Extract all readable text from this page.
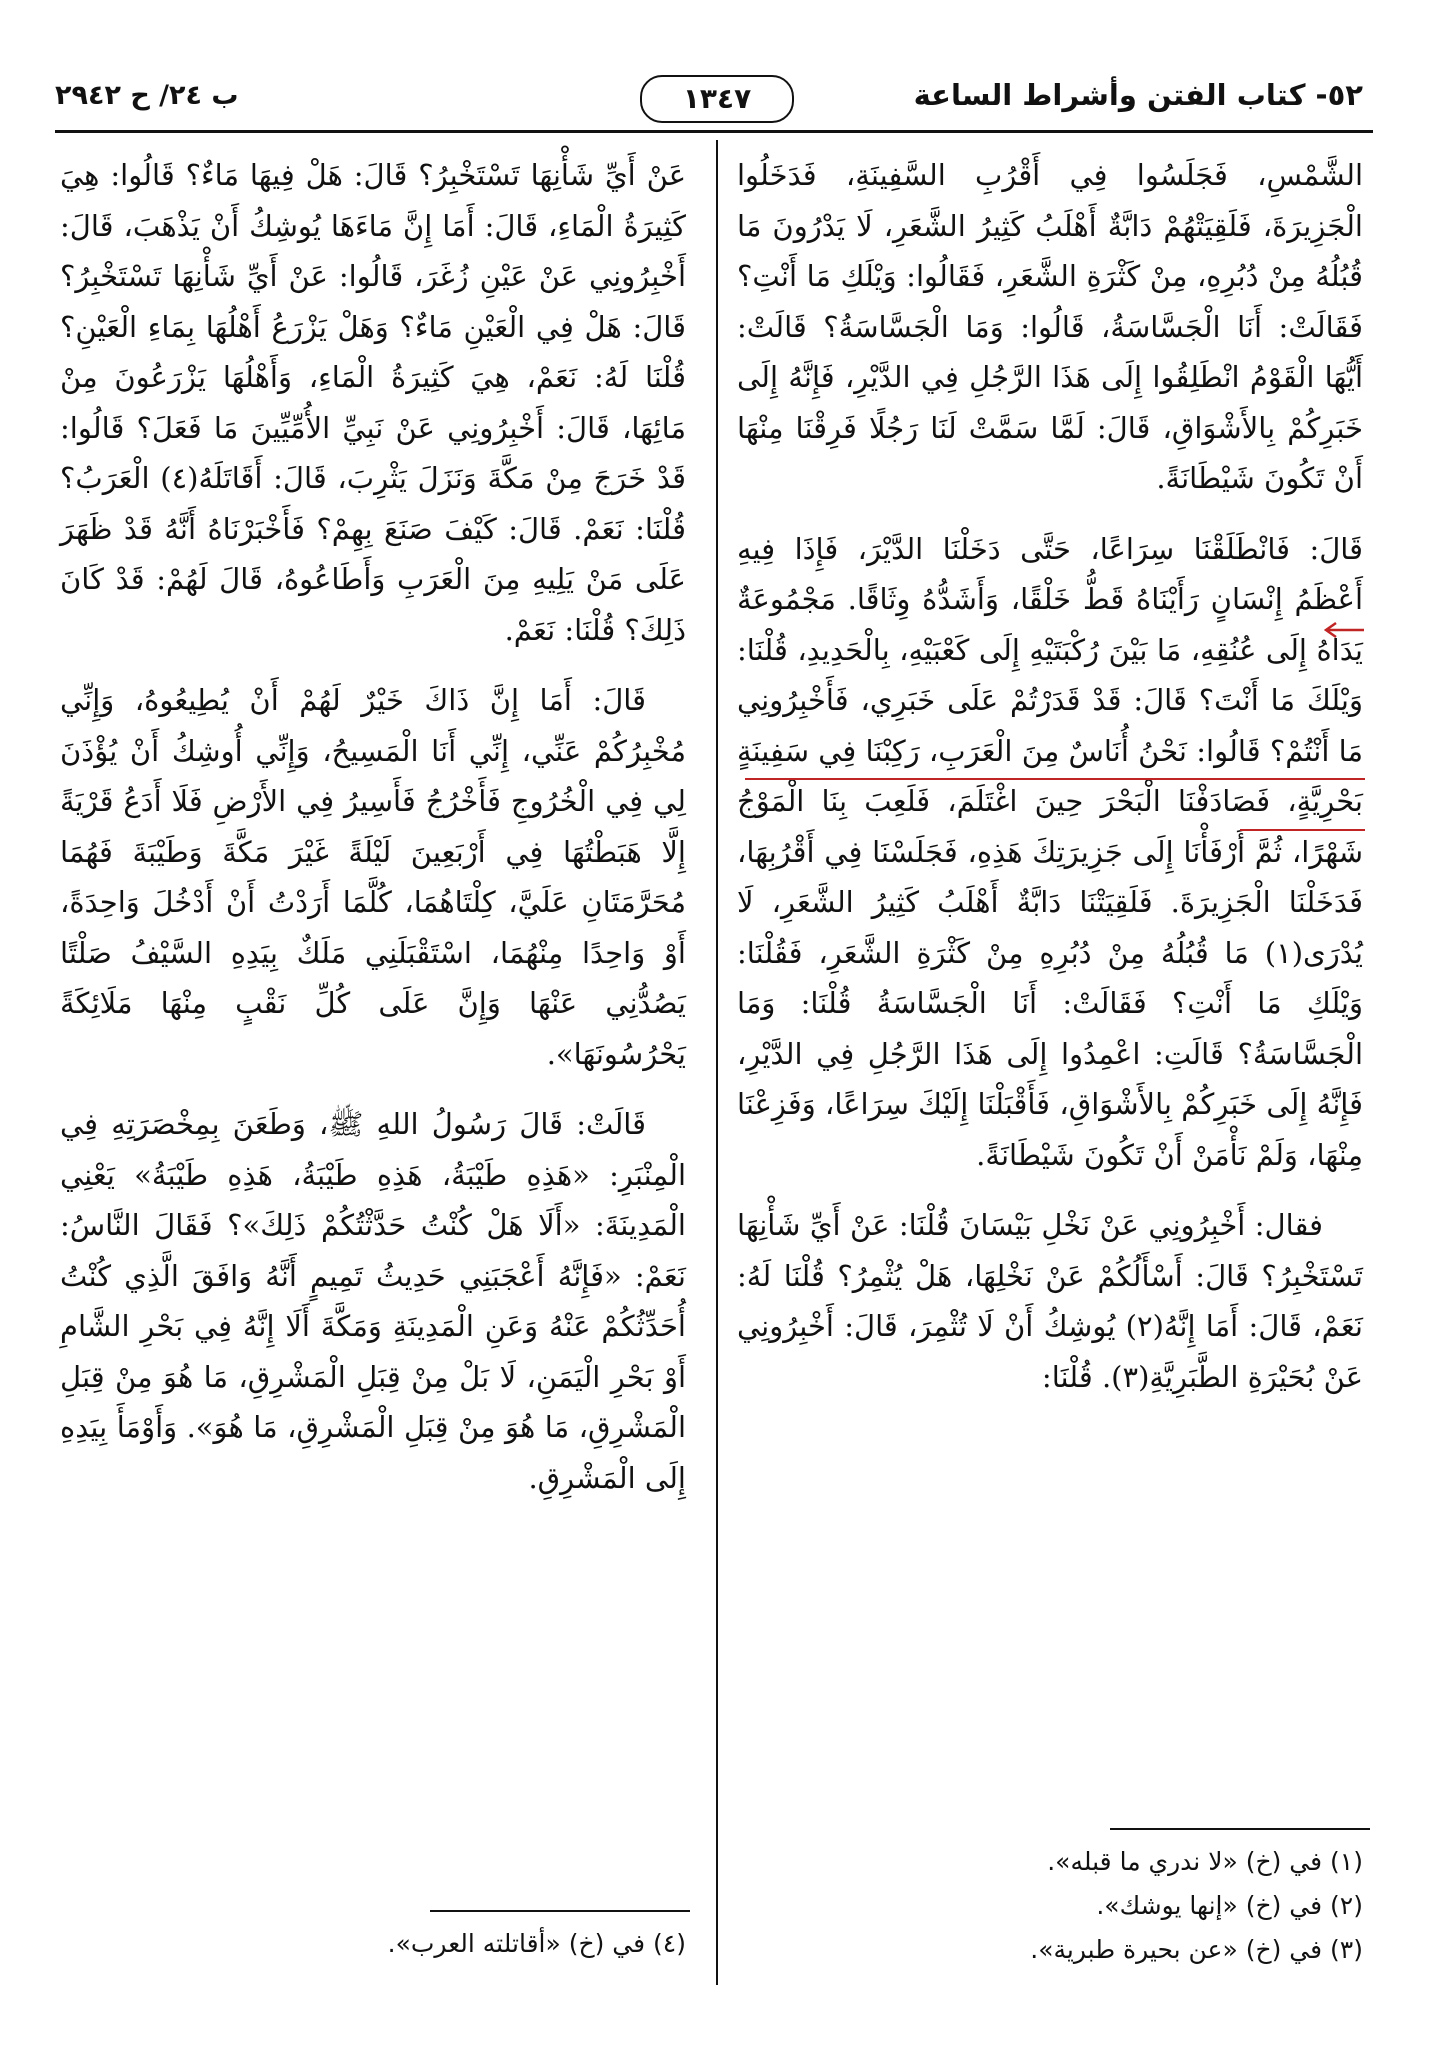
٥٢- كتاب الفتن وأشراط الساعة
١٣٤٧
ب ٢٤/ ح ٢٩٤٢

الشَّمْسِ، فَجَلَسُوا فِي أَقْرُبِ السَّفِينَةِ، فَدَخَلُوا الْجَزِيرَةَ، فَلَقِيَتْهُمْ دَابَّةٌ أَهْلَبُ كَثِيرُ الشَّعَرِ، لَا يَدْرُونَ مَا قُبُلُهُ مِنْ دُبُرِهِ، مِنْ كَثْرَةِ الشَّعَرِ، فَقَالُوا: وَيْلَكِ مَا أَنْتِ؟ فَقَالَتْ: أَنَا الْجَسَّاسَةُ، قَالُوا: وَمَا الْجَسَّاسَةُ؟ قَالَتْ: أَيُّهَا الْقَوْمُ انْطَلِقُوا إِلَى هَذَا الرَّجُلِ فِي الدَّيْرِ، فَإِنَّهُ إِلَى خَبَرِكُمْ بِالأَشْوَاقِ، قَالَ: لَمَّا سَمَّتْ لَنَا رَجُلًا فَرِقْنَا مِنْهَا أَنْ تَكُونَ شَيْطَانَةً.

قَالَ: فَانْطَلَقْنَا سِرَاعًا، حَتَّى دَخَلْنَا الدَّيْرَ، فَإِذَا فِيهِ أَعْظَمُ إِنْسَانٍ رَأَيْنَاهُ قَطُّ خَلْقًا، وَأَشَدُّهُ وِثَاقًا. مَجْمُوعَةٌ يَدَاهُ إِلَى عُنُقِهِ، مَا بَيْنَ رُكْبَتَيْهِ إِلَى كَعْبَيْهِ، بِالْحَدِيدِ، قُلْنَا: وَيْلَكَ مَا أَنْتَ؟ قَالَ: قَدْ قَدَرْتُمْ عَلَى خَبَرِي، فَأَخْبِرُونِي مَا أَنْتُمْ؟ قَالُوا: نَحْنُ أُنَاسٌ مِنَ الْعَرَبِ، رَكِبْنَا فِي سَفِينَةٍ بَحْرِيَّةٍ، فَصَادَفْنَا الْبَحْرَ حِينَ اغْتَلَمَ، فَلَعِبَ بِنَا الْمَوْجُ شَهْرًا، ثُمَّ أَرْفَأْنَا إِلَى جَزِيرَتِكَ هَذِهِ، فَجَلَسْنَا فِي أَقْرُبِهَا، فَدَخَلْنَا الْجَزِيرَةَ. فَلَقِيَتْنَا دَابَّةٌ أَهْلَبُ كَثِيرُ الشَّعَرِ، لَا يُدْرَى(١) مَا قُبُلُهُ مِنْ دُبُرِهِ مِنْ كَثْرَةِ الشَّعَرِ، فَقُلْنَا: وَيْلَكِ مَا أَنْتِ؟ فَقَالَتْ: أَنَا الْجَسَّاسَةُ قُلْنَا: وَمَا الْجَسَّاسَةُ؟ قَالَتِ: اعْمِدُوا إِلَى هَذَا الرَّجُلِ فِي الدَّيْرِ، فَإِنَّهُ إِلَى خَبَرِكُمْ بِالأَشْوَاقِ، فَأَقْبَلْنَا إِلَيْكَ سِرَاعًا، وَفَزِعْنَا مِنْهَا، وَلَمْ نَأْمَنْ أَنْ تَكُونَ شَيْطَانَةً.

فقال: أَخْبِرُونِي عَنْ نَخْلِ بَيْسَانَ قُلْنَا: عَنْ أَيِّ شَأْنِهَا تَسْتَخْبِرُ؟ قَالَ: أَسْأَلُكُمْ عَنْ نَخْلِهَا، هَلْ يُثْمِرُ؟ قُلْنَا لَهُ: نَعَمْ، قَالَ: أَمَا إِنَّهُ(٢) يُوشِكُ أَنْ لَا تُثْمِرَ، قَالَ: أَخْبِرُونِي عَنْ بُحَيْرَةِ الطَّبَرِيَّةِ(٣). قُلْنَا:

عَنْ أَيِّ شَأْنِهَا تَسْتَخْبِرُ؟ قَالَ: هَلْ فِيهَا مَاءٌ؟ قَالُوا: هِيَ كَثِيرَةُ الْمَاءِ، قَالَ: أَمَا إِنَّ مَاءَهَا يُوشِكُ أَنْ يَذْهَبَ، قَالَ: أَخْبِرُونِي عَنْ عَيْنِ زُغَرَ، قَالُوا: عَنْ أَيِّ شَأْنِهَا تَسْتَخْبِرُ؟ قَالَ: هَلْ فِي الْعَيْنِ مَاءٌ؟ وَهَلْ يَزْرَعُ أَهْلُهَا بِمَاءِ الْعَيْنِ؟ قُلْنَا لَهُ: نَعَمْ، هِيَ كَثِيرَةُ الْمَاءِ، وَأَهْلُهَا يَزْرَعُونَ مِنْ مَائِهَا، قَالَ: أَخْبِرُونِي عَنْ نَبِيِّ الأُمِّيِّينَ مَا فَعَلَ؟ قَالُوا: قَدْ خَرَجَ مِنْ مَكَّةَ وَنَزَلَ يَثْرِبَ، قَالَ: أَقَاتَلَهُ(٤) الْعَرَبُ؟ قُلْنَا: نَعَمْ. قَالَ: كَيْفَ صَنَعَ بِهِمْ؟ فَأَخْبَرْنَاهُ أَنَّهُ قَدْ ظَهَرَ عَلَى مَنْ يَلِيهِ مِنَ الْعَرَبِ وَأَطَاعُوهُ، قَالَ لَهُمْ: قَدْ كَانَ ذَلِكَ؟ قُلْنَا: نَعَمْ.

قَالَ: أَمَا إِنَّ ذَاكَ خَيْرٌ لَهُمْ أَنْ يُطِيعُوهُ، وَإِنِّي مُخْبِرُكُمْ عَنِّي، إِنِّي أَنَا الْمَسِيحُ، وَإِنِّي أُوشِكُ أَنْ يُؤْذَنَ لِي فِي الْخُرُوجِ فَأَخْرُجُ فَأَسِيرُ فِي الأَرْضِ فَلَا أَدَعُ قَرْيَةً إِلَّا هَبَطْتُهَا فِي أَرْبَعِينَ لَيْلَةً غَيْرَ مَكَّةَ وَطَيْبَةَ فَهُمَا مُحَرَّمَتَانِ عَلَيَّ، كِلْتَاهُمَا، كُلَّمَا أَرَدْتُ أَنْ أَدْخُلَ وَاحِدَةً، أَوْ وَاحِدًا مِنْهُمَا، اسْتَقْبَلَنِي مَلَكٌ بِيَدِهِ السَّيْفُ صَلْتًا يَصُدُّنِي عَنْهَا وَإِنَّ عَلَى كُلِّ نَقْبٍ مِنْهَا مَلَائِكَةً يَحْرُسُونَهَا».

قَالَتْ: قَالَ رَسُولُ اللهِ ﷺ، وَطَعَنَ بِمِخْصَرَتِهِ فِي الْمِنْبَرِ: «هَذِهِ طَيْبَةُ، هَذِهِ طَيْبَةُ، هَذِهِ طَيْبَةُ» يَعْنِي الْمَدِينَةَ: «أَلَا هَلْ كُنْتُ حَدَّثْتُكُمْ ذَلِكَ»؟ فَقَالَ النَّاسُ: نَعَمْ: «فَإِنَّهُ أَعْجَبَنِي حَدِيثُ تَمِيمٍ أَنَّهُ وَافَقَ الَّذِي كُنْتُ أُحَدِّثُكُمْ عَنْهُ وَعَنِ الْمَدِينَةِ وَمَكَّةَ أَلَا إِنَّهُ فِي بَحْرِ الشَّامِ أَوْ بَحْرِ الْيَمَنِ، لَا بَلْ مِنْ قِبَلِ الْمَشْرِقِ، مَا هُوَ مِنْ قِبَلِ الْمَشْرِقِ، مَا هُوَ مِنْ قِبَلِ الْمَشْرِقِ، مَا هُوَ». وَأَوْمَأَ بِيَدِهِ إِلَى الْمَشْرِقِ.

(١) في (خ) «لا ندري ما قبله».
(٢) في (خ) «إنها يوشك».
(٣) في (خ) «عن بحيرة طبرية».
(٤) في (خ) «أقاتلته العرب».
